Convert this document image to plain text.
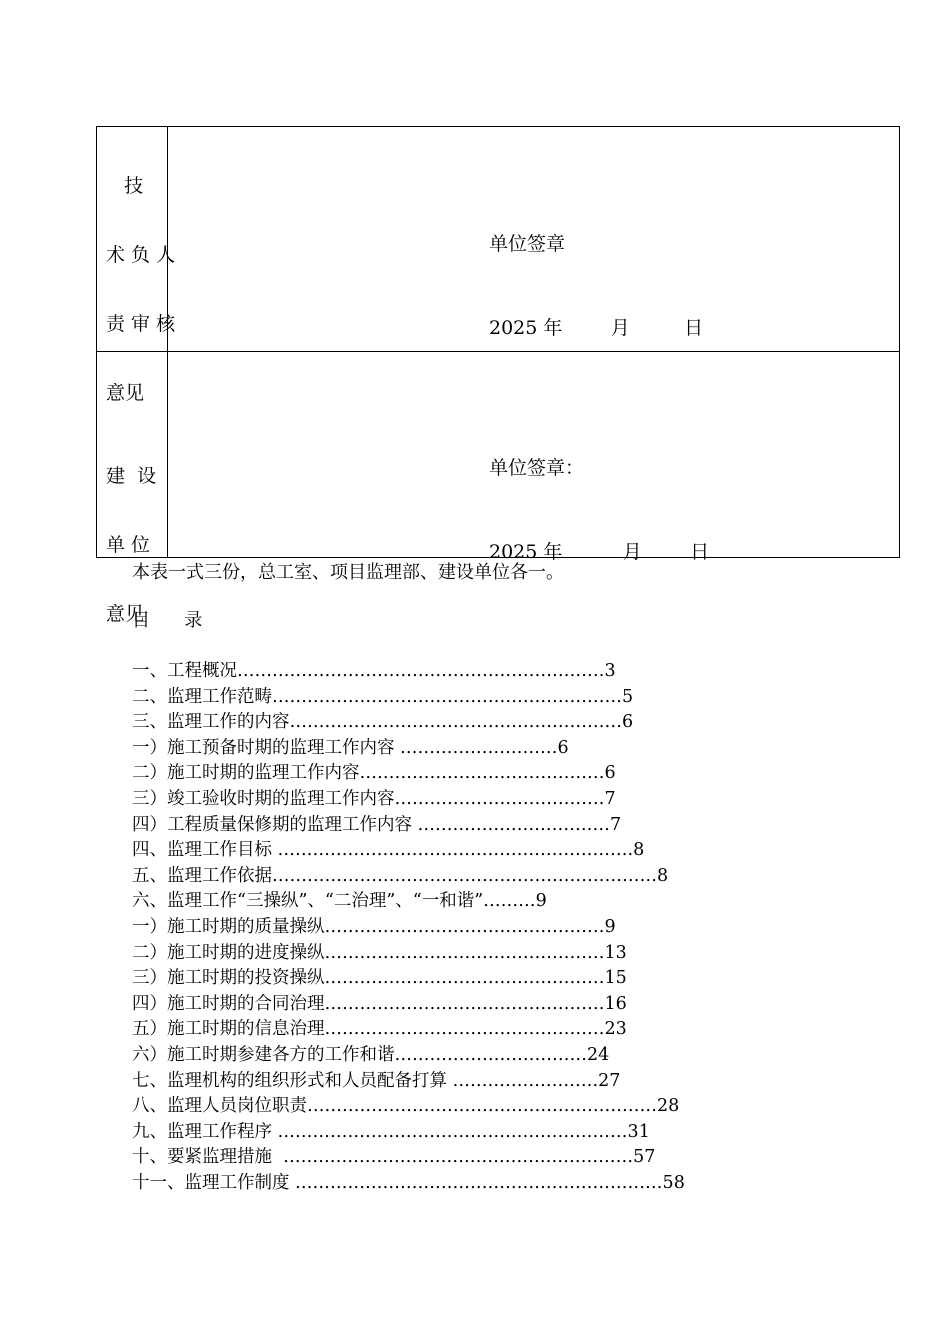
技

术 负 人

责 审 核

意见

单位签章

2025 年        月         日

建  设

单 位

意见

单位签章：

2025 年          月        日

本表一式三份，总工室、项目监理部、建设单位各一。
目      录
一、工程概况………………………………………………………3
二、监理工作范畴……………………………………………………5
三、监理工作的内容…………………………………………………6
一）施工预备时期的监理工作内容 ………………………6
二）施工时期的监理工作内容……………………………………6
三）竣工验收时期的监理工作内容………………………………7
四）工程质量保修期的监理工作内容 ……………………………7
四、监理工作目标 …………………………………………………….8
五、监理工作依据…………………………………………………………8
六、监理工作“三操纵”、“二治理”、“一和谐”………9
一）施工时期的质量操纵…………………………………………9
二）施工时期的进度操纵…………………………………………13
三）施工时期的投资操纵…………………………………………15
四）施工时期的合同治理…………………………………………16
五）施工时期的信息治理…………………………………………23
六）施工时期参建各方的工作和谐……………………………24
七、监理机构的组织形式和人员配备打算 …………………….27
八、监理人员岗位职责……………………………………………………28
九、监理工作程序 ……………………………………………………31
十、要紧监理措施  ……………………………………………………57
十一、监理工作制度 ………………………………………………………58
